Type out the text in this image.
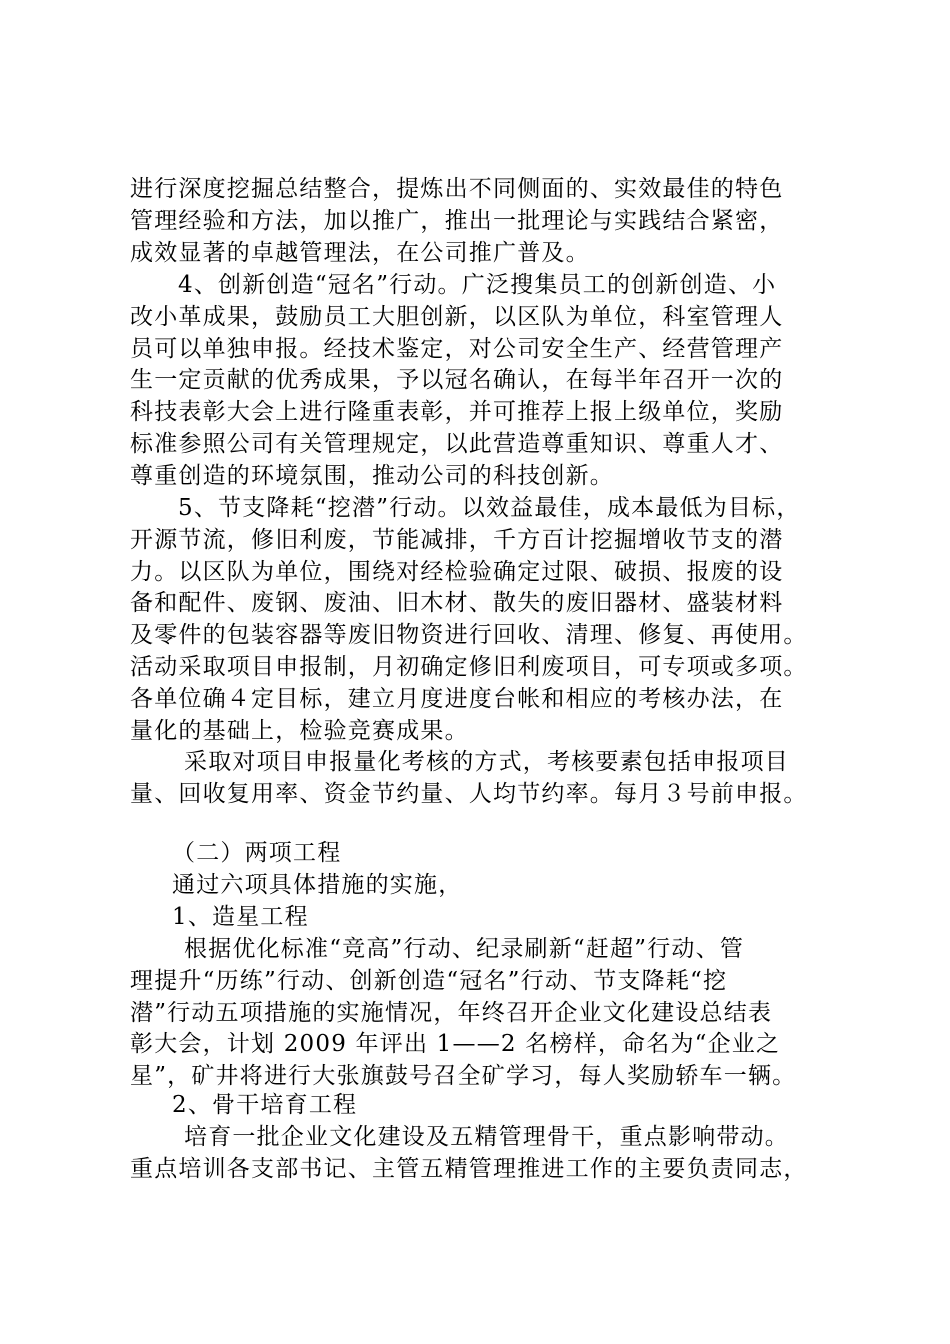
进行深度挖掘总结整合，提炼出不同侧面的、实效最佳的特色
管理经验和方法，加以推广，推出一批理论与实践结合紧密，
成效显著的卓越管理法，在公司推广普及。
4、创新创造“冠名”行动。广泛搜集员工的创新创造、小
改小革成果，鼓励员工大胆创新，以区队为单位，科室管理人
员可以单独申报。经技术鉴定，对公司安全生产、经营管理产
生一定贡献的优秀成果，予以冠名确认，在每半年召开一次的
科技表彰大会上进行隆重表彰，并可推荐上报上级单位，奖励
标准参照公司有关管理规定，以此营造尊重知识、尊重人才、
尊重创造的环境氛围，推动公司的科技创新。
5、节支降耗“挖潜”行动。以效益最佳，成本最低为目标，
开源节流，修旧利废，节能减排，千方百计挖掘增收节支的潜
力。以区队为单位，围绕对经检验确定过限、破损、报废的设
备和配件、废钢、废油、旧木材、散失的废旧器材、盛装材料
及零件的包装容器等废旧物资进行回收、清理、修复、再使用。
活动采取项目申报制，月初确定修旧利废项目，可专项或多项。
各单位确４定目标，建立月度进度台帐和相应的考核办法，在
量化的基础上，检验竞赛成果。
采取对项目申报量化考核的方式，考核要素包括申报项目
量、回收复用率、资金节约量、人均节约率。每月３号前申报。
（二）两项工程
通过六项具体措施的实施，
1、造星工程
根据优化标准“竞高”行动、纪录刷新“赶超”行动、管
理提升“历练”行动、创新创造“冠名”行动、节支降耗“挖
潜”行动五项措施的实施情况，年终召开企业文化建设总结表
彰大会，计划 2009 年评出 1——2 名榜样，命名为“企业之
星”，矿井将进行大张旗鼓号召全矿学习，每人奖励轿车一辆。
2、骨干培育工程
培育一批企业文化建设及五精管理骨干，重点影响带动。
重点培训各支部书记、主管五精管理推进工作的主要负责同志，
